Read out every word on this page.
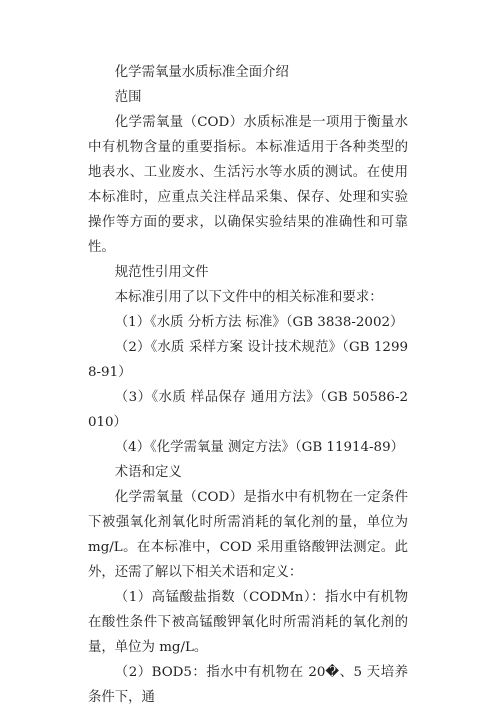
化学需氧量水质标准全面介绍

范围

化学需氧量（COD）水质标准是一项用于衡量水中有机物含量的重要指标。本标准适用于各种类型的地表水、工业废水、生活污水等水质的测试。在使用本标准时，应重点关注样品采集、保存、处理和实验操作等方面的要求，以确保实验结果的准确性和可靠性。

规范性引用文件

本标准引用了以下文件中的相关标准和要求：

（1）《水质 分析方法 标准》（GB 3838-2002）

（2）《水质 采样方案 设计技术规范》（GB 12998-91）

（3）《水质 样品保存 通用方法》（GB 50586-2010）

（4）《化学需氧量 测定方法》（GB 11914-89）

术语和定义

化学需氧量（COD）是指水中有机物在一定条件下被强氧化剂氧化时所需消耗的氧化剂的量，单位为 mg/L。在本标准中，COD 采用重铬酸钾法测定。此外，还需了解以下相关术语和定义：

（1）高锰酸盐指数（CODMn）：指水中有机物在酸性条件下被高锰酸钾氧化时所需消耗的氧化剂的量，单位为 mg/L。

（2）BOD5：指水中有机物在 20�、5 天培养条件下，通
